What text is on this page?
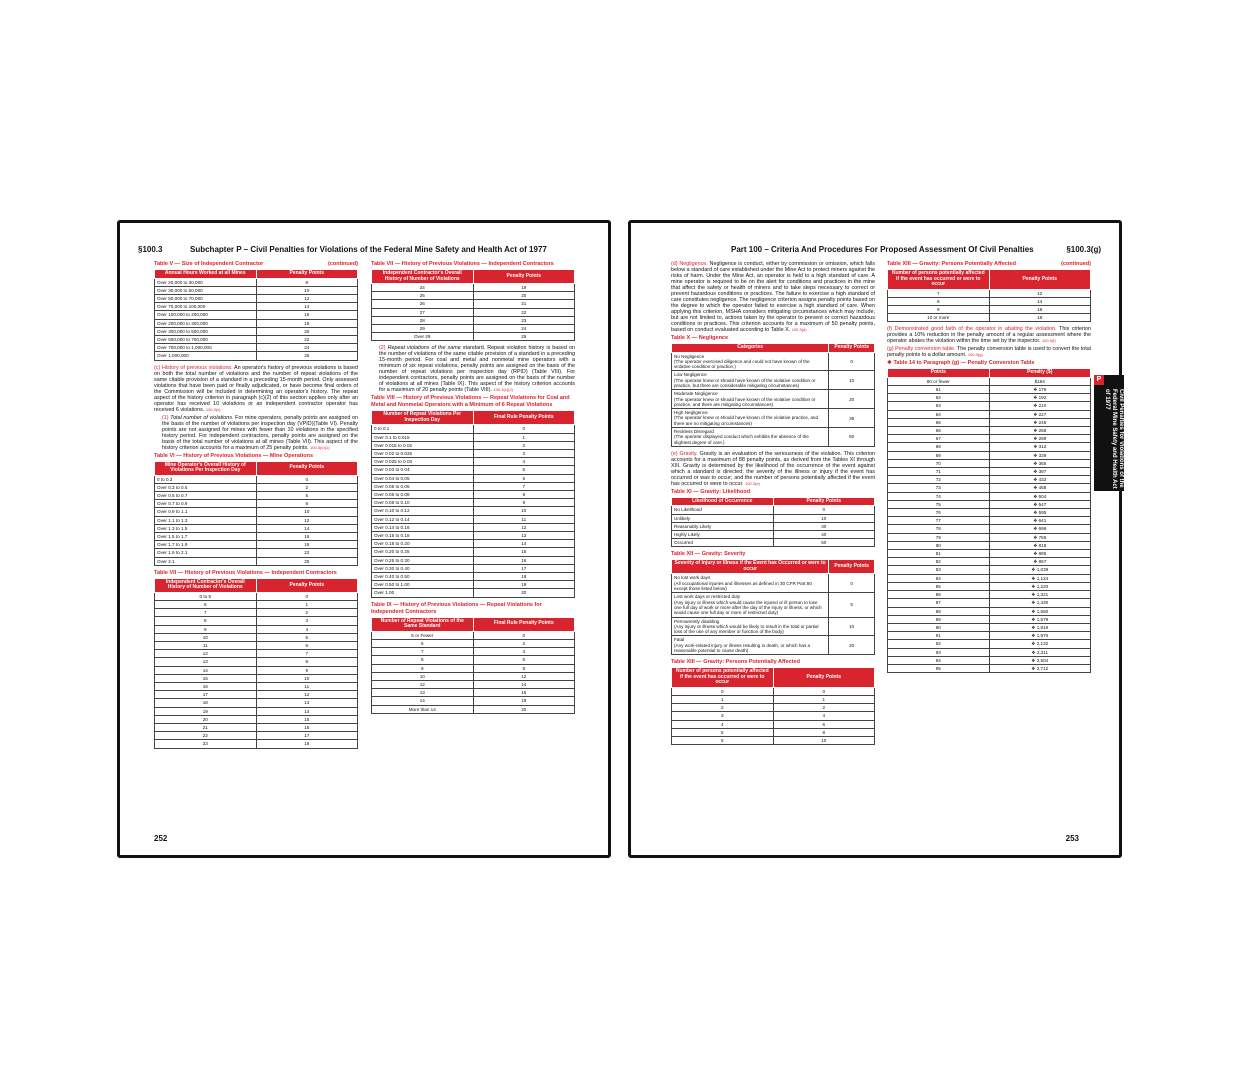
§100.3	Subchapter P – Civil Penalties for Violations of the Federal Mine Safety and Health Act of 1977
Table V — Size of Independent Contractor	(continued)
Annual Hours Worked at all Mines	Penalty Points
Over 20,000 to 30,000	8
Over 30,000 to 50,000	10
Over 50,000 to 70,000	12
Over 70,000 to 100,000	14
Over 100,000 to 200,000	16
Over 200,000 to 300,000	18
Over 300,000 to 500,000	20
Over 500,000 to 700,000	22
Over 700,000 to 1,000,000	24
Over 1,000,000	25

(c) History of previous violations. An operator's history of previous violations is based on both the total number of violations and the number of repeat violations of the same citable provision of a standard in a preceding 15-month period. Only assessed violations that have been paid or finally adjudicated, or have become final orders of the Commission will be included in determining an operator's history. The repeat aspect of the history criterion in paragraph (c)(2) of this section applies only after an operator has received 10 violations or an independent contractor operator has received 6 violations. 100.3(c)

(1) Total number of violations. For mine operators, penalty points are assigned on the basis of the number of violations per inspection day (VPID)(Table VI). Penalty points are not assigned for mines with fewer than 10 violations in the specified history period. For independent contractors, penalty points are assigned on the basis of the total number of violations at all mines (Table VII). This aspect of the history criterion accounts for a maximum of 25 penalty points. 100.3(c)(1)

Table VI — History of Previous Violations — Mine Operations
Mine Operator's Overall History of Violations Per Inspection Day	Penalty Points
0 to 0.3	0
Over 0.3 to 0.5	2
Over 0.5 to 0.7	5
Over 0.7 to 0.9	8
Over 0.9 to 1.1	10
Over 1.1 to 1.3	12
Over 1.3 to 1.5	14
Over 1.5 to 1.7	16
Over 1.7 to 1.9	19
Over 1.9 to 2.1	22
Over 2.1	25
Table VII — History of Previous Violations — Independent Contractors
Independent Contractor's Overall History of Number of Violations	Penalty Points
0 to 5	0
6	1
7	2
8	3
9	4
10	5
11	6
12	7
13	8
14	9
15	10
16	11
17	12
18	13
19	14
20	15
21	16
22	17
23	18
Table VII — History of Previous Violations — Independent Contractors
Independent Contractor's Overall History of Number of Violations	Penalty Points
24	19
25	20
26	21
27	22
28	23
29	24
Over 29	25

(2) Repeat violations of the same standard. Repeat violation history is based on the number of violations of the same citable provision of a standard in a preceding 15-month period. For coal and metal and nonmetal mine operators with a minimum of six repeat violations, penalty points are assigned on the basis of the number of repeat violations per inspection day (RPID) (Table VIII). For independent contractors, penalty points are assigned on the basis of the number of violations at all mines (Table IX). This aspect of the history criterion accounts for a maximum of 20 penalty points (Table VIII). 100.3(c)(2)

Table VIII — History of Previous Violations — Repeat Violations for Coal and Metal and Nonmetal Operators with a Minimum of 6 Repeat Violations
Number of Repeat Violations Per Inspection Day	Final Rule Penalty Points
0 to 0.1	0
Over 0.1 to 0.015	1
Over 0.015 to 0.02	2
Over 0.02 to 0.025	3
Over 0.025 to 0.03	4
Over 0.03 to 0.04	5
Over 0.04 to 0.05	6
Over 0.05 to 0.06	7
Over 0.06 to 0.08	8
Over 0.08 to 0.10	9
Over 0.10 to 0.12	10
Over 0.12 to 0.14	11
Over 0.14 to 0.16	12
Over 0.16 to 0.18	13
Over 0.18 to 0.20	14
Over 0.20 to 0.25	15
Over 0.25 to 0.30	16
Over 0.30 to 0.40	17
Over 0.40 to 0.50	18
Over 0.50 to 1.00	19
Over 1.00	20
Table IX — History of Previous Violations — Repeat Violations for Independent Contractors
Number of Repeat Violations of the Same Standard	Final Rule Penalty Points
5 or Fewer	0
6	2
7	4
8	6
9	8
10	12
12	14
13	16
14	18
More than 14	20
252
Part 100 – Criteria And Procedures For Proposed Assessment Of Civil Penalties	§100.3(g)

(d) Negligence. Negligence is conduct, either by commission or omission, which falls below a standard of care established under the Mine Act to protect miners against the risks of harm. Under the Mine Act, an operator is held to a high standard of care. A mine operator is required to be on the alert for conditions and practices in the mine that affect the safety or health of miners and to take steps necessary to correct or prevent hazardous conditions or practices. The failure to exercise a high standard of care constitutes negligence. The negligence criterion assigns penalty points based on the degree to which the operator failed to exercise a high standard of care. When applying this criterion, MSHA considers mitigating circumstances which may include, but are not limited to, actions taken by the operator to prevent or correct hazardous conditions or practices. This criterion accounts for a maximum of 50 penalty points, based on conduct evaluated according to Table X. 100.3(d)

Table X — Negligence
Categories	Penalty Points

No Negligence
(The operator exercised diligence and could not have known of the violative condition or practice.)	0

Low Negligence
(The operator knew or should have known of the violative condition or practice, but there are considerable mitigating circumstances)	10

Moderate Negligence
(The operator knew or should have known of the violative condition or practice, and there are mitigating circumstances)	20

High Negligence
(The operator knew or should have known of the violative practice, and there are no mitigating circumstances)	35

Reckless Disregard
(The operator displayed conduct which exhibits the absence of the slightest degree of care.)	50

(e) Gravity. Gravity is an evaluation of the seriousness of the violation. This criterion accounts for a maximum of 88 penalty points, as derived from the Tables XI through XIII. Gravity is determined by the likelihood of the occurrence of the event against which a standard is directed; the severity of the illness or injury if the event has occurred or was to occur; and the number of persons potentially affected if the event has occurred or were to occur. 100.3(e)

Table XI — Gravity: Likelihood
Likelihood of Occurrence	Penalty Points
No Likelihood	0
Unlikely	10
Reasonably Likely	30
Highly Likely	40
Occurred	50
Table XII — Gravity: Severity
Severity of Injury or Illness if the Event has Occurred or were to occur	Penalty Points

No lost work days
(All occupational injuries and illnesses as defined in 30 CFR Part 50 except those listed below)	0

Lost work days or restricted duty
(Any injury or illness which would cause the injured or ill person to lose one full day of work or more after the day of the injury or illness, or which would cause one full day or more of restricted duty)	5

Permanently disabling
(Any injury or illness which would be likely to result in the total or partial loss of the use of any member or function of the body)	10

Fatal
(Any work-related injury or illness resulting in death, or which has a reasonable potential to cause death)	20
Table XIII — Gravity: Persons Potentially Affected
Number of persons potentially affected if the event has occurred or were to occur	Penalty Points
0	0
1	1
2	2
3	4
4	6
5	8
6	10
Table XIII — Gravity: Persons Potentially Affected	(continued)
Number of persons potentially affected if the event has occurred or were to occur	Penalty Points
7	12
8	14
9	16
10 or more	18

(f) Demonstrated good faith of the operator in abating the violation. This criterion provides a 10% reduction in the penalty amount of a regular assessment where the operator abates the violation within the time set by the inspector. 100.3(f)

(g) Penalty conversion table. The penalty conversion table is used to convert the total penalty points to a dollar amount. 100.3(g)

❖ Table 14 to Paragraph (g) — Penalty Conversion Table
Points	Penalty ($)
60 or fewer	$164
61	❖ 179
62	❖ 192
63	❖ 210
64	❖ 227
65	❖ 246
66	❖ 266
67	❖ 289
68	❖ 312
69	❖ 339
70	❖ 365
71	❖ 397
72	❖ 432
73	❖ 468
74	❖ 504
75	❖ 547
76	❖ 595
77	❖ 641
78	❖ 696
79	❖ 755
80	❖ 818
81	❖ 885
82	❖ 957
83	❖ 1,039
84	❖ 1,124
85	❖ 1,220
86	❖ 1,321
87	❖ 1,430
88	❖ 1,550
89	❖ 1,679
90	❖ 1,819
91	❖ 1,970
92	❖ 2,132
93	❖ 2,311
94	❖ 2,504
95	❖ 2,712
253
P
Civil Penalties for Violations of the Federal Mine Safety and Health Act of 1977
